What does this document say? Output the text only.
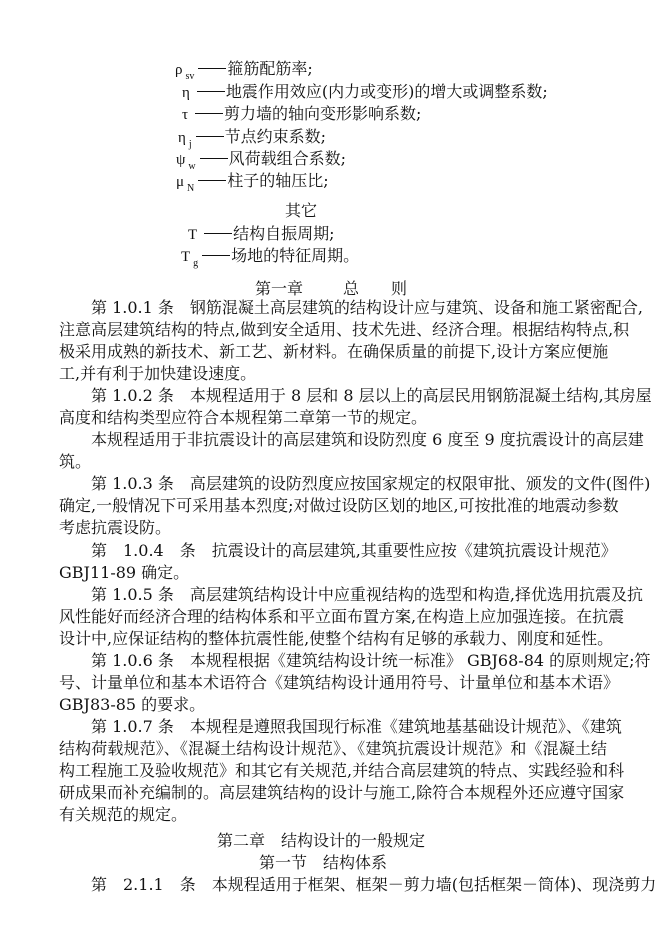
ρ $_{sv}$ 箍筋配筋率;
η 地震作用效应(内力或变形)的增大或调整系数;
τ 剪力墙的轴向变形影响系数;
η $_j$ 节点约束系数;
ψ $_w$ 风荷载组合系数;
μ $_N$ 柱子的轴压比;
其它
T 结构自振周期;
T $_g$ 场地的特征周期。
第一章	总　　则
第 1.0.1 条　钢筋混凝土高层建筑的结构设计应与建筑、设备和施工紧密配合,
注意高层建筑结构的特点,做到安全适用、技术先进、经济合理。根据结构特点,积
极采用成熟的新技术、新工艺、新材料。在确保质量的前提下,设计方案应便施
工,并有利于加快建设速度。
第 1.0.2 条　本规程适用于 8 层和 8 层以上的高层民用钢筋混凝土结构,其房屋
高度和结构类型应符合本规程第二章第一节的规定。
本规程适用于非抗震设计的高层建筑和设防烈度 6 度至 9 度抗震设计的高层建
筑。
第 1.0.3 条　高层建筑的设防烈度应按国家规定的权限审批、颁发的文件(图件)
确定,一般情况下可采用基本烈度;对做过设防区划的地区,可按批准的地震动参数
考虑抗震设防。
第　1.0.4　条　抗震设计的高层建筑,其重要性应按《建筑抗震设计规范》
GBJ11-89 确定。
第 1.0.5 条　高层建筑结构设计中应重视结构的选型和构造,择优选用抗震及抗
风性能好而经济合理的结构体系和平立面布置方案,在构造上应加强连接。在抗震
设计中,应保证结构的整体抗震性能,使整个结构有足够的承载力、刚度和延性。
第 1.0.6 条　本规程根据《建筑结构设计统一标准》 GBJ68-84 的原则规定;符
号、计量单位和基本术语符合《建筑结构设计通用符号、计量单位和基本术语》
GBJ83-85 的要求。
第 1.0.7 条　本规程是遵照我国现行标准《建筑地基基础设计规范》、《建筑
结构荷载规范》、《混凝土结构设计规范》、《建筑抗震设计规范》和《混凝土结
构工程施工及验收规范》和其它有关规范,并结合高层建筑的特点、实践经验和科
研成果而补充编制的。高层建筑结构的设计与施工,除符合本规程外还应遵守国家
有关规范的规定。
第二章　结构设计的一般规定
第一节　结构体系
第　2.1.1　条　本规程适用于框架、框架－剪力墙(包括框架－筒体)、现浇剪力
